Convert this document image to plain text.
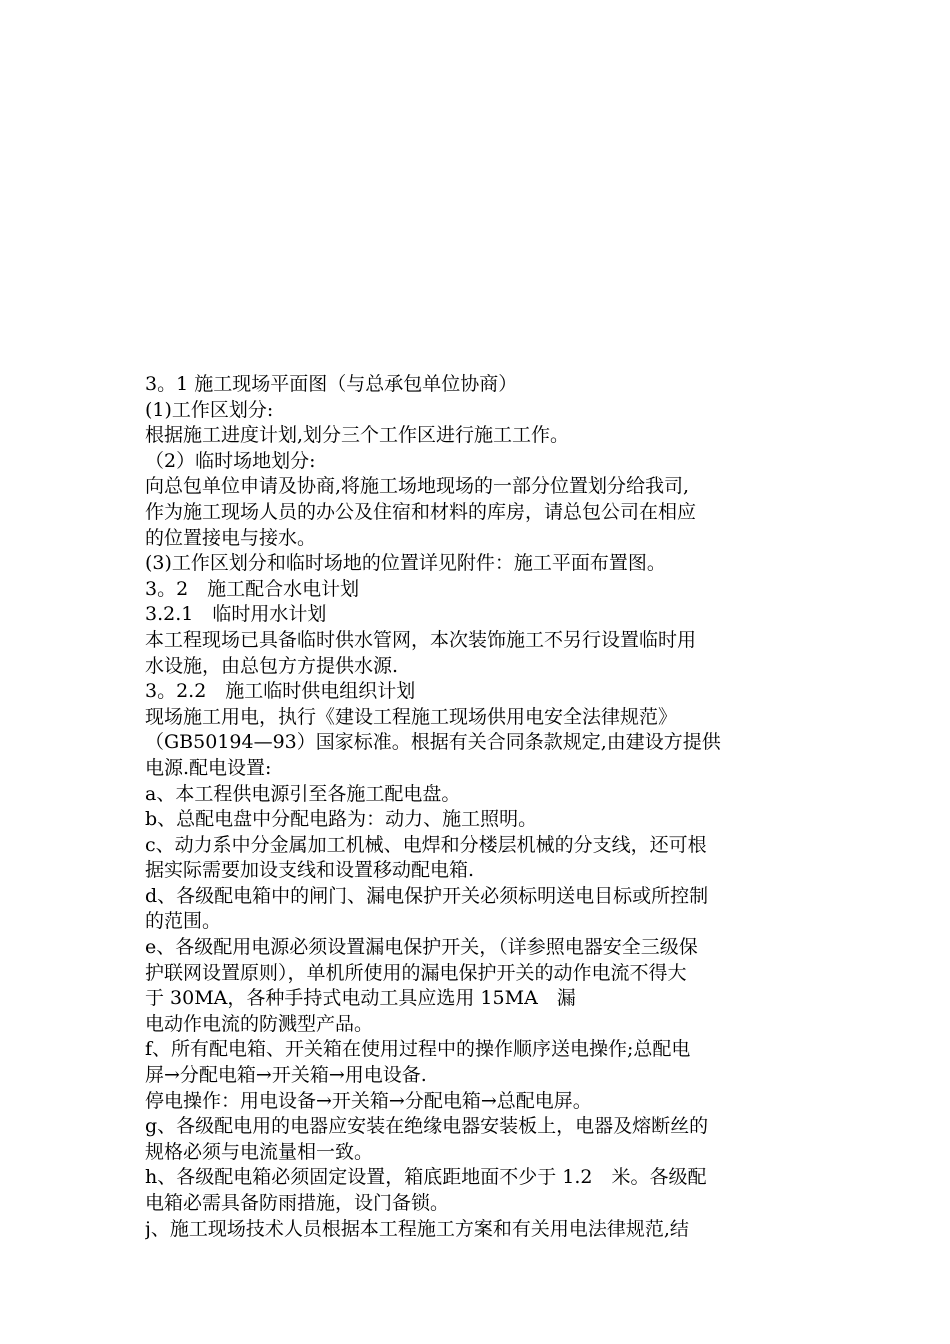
3。1 施工现场平面图（与总承包单位协商）
(1)工作区划分:
根据施工进度计划,划分三个工作区进行施工工作。
（2）临时场地划分:
向总包单位申请及协商,将施工场地现场的一部分位置划分给我司,
作为施工现场人员的办公及住宿和材料的库房，请总包公司在相应
的位置接电与接水。
(3)工作区划分和临时场地的位置详见附件：施工平面布置图。
3。2　施工配合水电计划
3.2.1　临时用水计划
本工程现场已具备临时供水管网，本次装饰施工不另行设置临时用
水设施，由总包方方提供水源.
3。2.2　施工临时供电组织计划
现场施工用电，执行《建设工程施工现场供用电安全法律规范》
（GB50194—93）国家标准。根据有关合同条款规定,由建设方提供
电源.配电设置:
a、本工程供电源引至各施工配电盘。
b、总配电盘中分配电路为：动力、施工照明。
c、动力系中分金属加工机械、电焊和分楼层机械的分支线，还可根
据实际需要加设支线和设置移动配电箱.
d、各级配电箱中的闸门、漏电保护开关必须标明送电目标或所控制
的范围。
e、各级配用电源必须设置漏电保护开关，（详参照电器安全三级保
护联网设置原则），单机所使用的漏电保护开关的动作电流不得大
于 30MA，各种手持式电动工具应选用 15MA　漏
电动作电流的防溅型产品。
f、所有配电箱、开关箱在使用过程中的操作顺序送电操作;总配电
屏→分配电箱→开关箱→用电设备.
停电操作：用电设备→开关箱→分配电箱→总配电屏。
g、各级配电用的电器应安装在绝缘电器安装板上，电器及熔断丝的
规格必须与电流量相一致。
h、各级配电箱必须固定设置，箱底距地面不少于 1.2　米。各级配
电箱必需具备防雨措施，设门备锁。
j、施工现场技术人员根据本工程施工方案和有关用电法律规范,结
